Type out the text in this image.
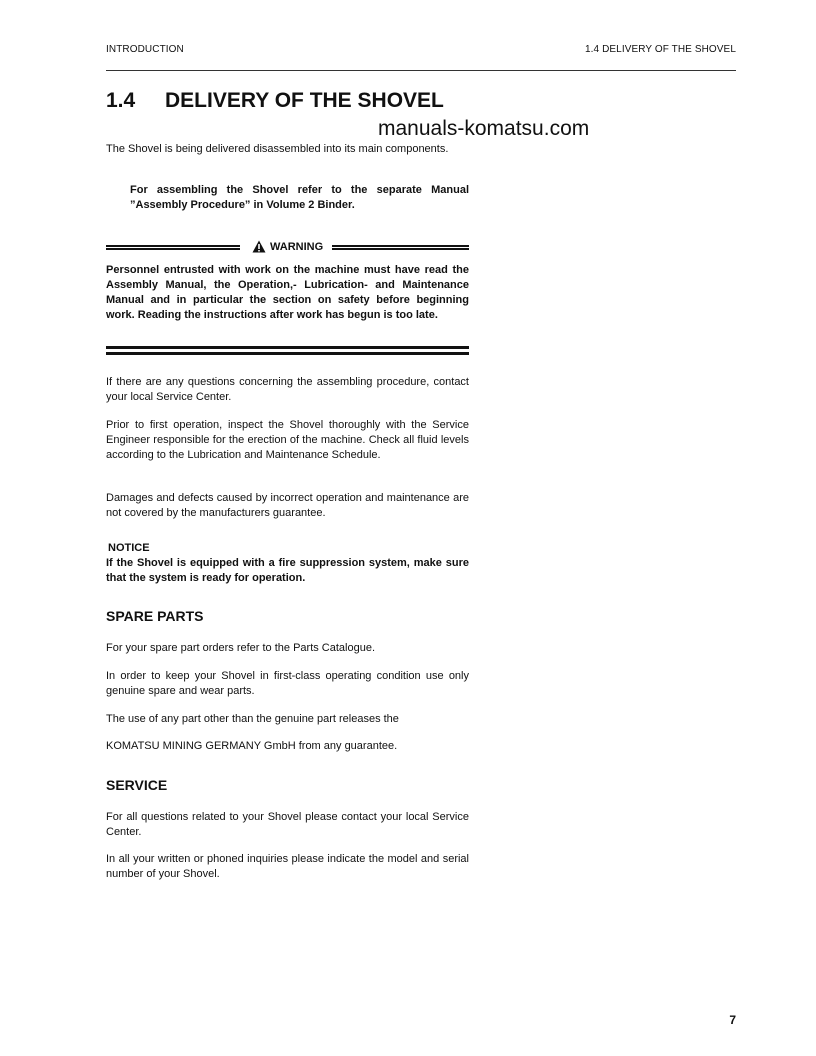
INTRODUCTION	1.4 DELIVERY OF THE SHOVEL
1.4 DELIVERY OF THE SHOVEL
manuals-komatsu.com
The Shovel is being delivered disassembled into its main components.
For assembling the Shovel refer to the separate Manual ”Assembly Procedure” in Volume 2 Binder.
WARNING
Personnel entrusted with work on the machine must have read the Assembly Manual, the Operation,- Lubrication- and Maintenance Manual and in particular the section on safety before beginning work. Reading the instructions after work has begun is too late.
If there are any questions concerning the assembling procedure, contact your local Service Center.
Prior to first operation, inspect the Shovel thoroughly with the Service Engineer responsible for the erection of the machine. Check all fluid levels according to the Lubrication and Maintenance Schedule.
Damages and defects caused by incorrect operation and maintenance are not covered by the manufacturers guarantee.
NOTICE
If the Shovel is equipped with a fire suppression system, make sure that the system is ready for operation.
SPARE PARTS
For your spare part orders refer to the Parts Catalogue.
In order to keep your Shovel in first-class operating condition use only genuine spare and wear parts.
The use of any part other than the genuine part releases the
KOMATSU MINING GERMANY GmbH from any guarantee.
SERVICE
For all questions related to your Shovel please contact your local Service Center.
In all your written or phoned inquiries please indicate the model and serial number of your Shovel.
7
